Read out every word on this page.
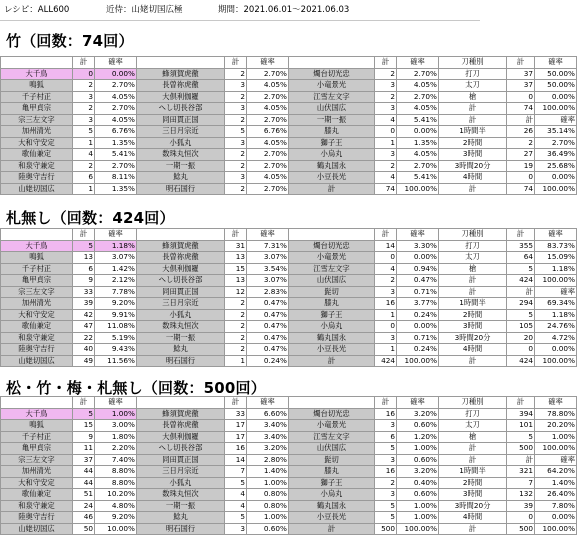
レシピ：ALL600	近侍：山姥切国広極	期間：2021.06.01～2021.06.03
竹（回数：74回）
	計	確率		計	確率		計	確率	刀種別	計	確率
大千鳥	0	0.00%	蜂須賀虎徹	2	2.70%	燭台切光忠	2	2.70%	打刀	37	50.00%
鳴狐	2	2.70%	長曽祢虎徹	3	4.05%	小竜景光	3	4.05%	太刀	37	50.00%
千子村正	3	4.05%	大倶利伽羅	2	2.70%	江雪左文字	2	2.70%	槍	0	0.00%
亀甲貞宗	2	2.70%	へし切長谷部	3	4.05%	山伏国広	3	4.05%	計	74	100.00%
宗三左文字	3	4.05%	同田貫正国	2	2.70%	一期一振	4	5.41%	計	計	確率
加州清光	5	6.76%	三日月宗近	5	6.76%	膝丸	0	0.00%	1時間半	26	35.14%
大和守安定	1	1.35%	小狐丸	3	4.05%	獅子王	1	1.35%	2時間	2	2.70%
歌仙兼定	4	5.41%	数珠丸恒次	2	2.70%	小烏丸	3	4.05%	3時間	27	36.49%
和泉守兼定	2	2.70%	一期一振	2	2.70%	鶴丸国永	2	2.70%	3時間20分	19	25.68%
陸奥守吉行	6	8.11%	鯰丸	3	4.05%	小豆長光	4	5.41%	4時間	0	0.00%
山姥切国広	1	1.35%	明石国行	2	2.70%	計	74	100.00%	計	74	100.00%
札無し（回数：424回）
	計	確率		計	確率		計	確率	刀種別	計	確率
大千鳥	5	1.18%	蜂須賀虎徹	31	7.31%	燭台切光忠	14	3.30%	打刀	355	83.73%
鳴狐	13	3.07%	長曽祢虎徹	13	3.07%	小竜景光	0	0.00%	太刀	64	15.09%
千子村正	6	1.42%	大倶利伽羅	15	3.54%	江雪左文字	4	0.94%	槍	5	1.18%
亀甲貞宗	9	2.12%	へし切長谷部	13	3.07%	山伏国広	2	0.47%	計	424	100.00%
宗三左文字	33	7.78%	同田貫正国	12	2.83%	髭切	3	0.71%	計	計	確率
加州清光	39	9.20%	三日月宗近	2	0.47%	膝丸	16	3.77%	1時間半	294	69.34%
大和守安定	42	9.91%	小狐丸	2	0.47%	獅子王	1	0.24%	2時間	5	1.18%
歌仙兼定	47	11.08%	数珠丸恒次	2	0.47%	小烏丸	0	0.00%	3時間	105	24.76%
和泉守兼定	22	5.19%	一期一振	2	0.47%	鶴丸国永	3	0.71%	3時間20分	20	4.72%
陸奥守吉行	40	9.43%	鯰丸	2	0.47%	小豆長光	1	0.24%	4時間	0	0.00%
山姥切国広	49	11.56%	明石国行	1	0.24%	計	424	100.00%	計	424	100.00%
松・竹・梅・札無し（回数：500回）
	計	確率		計	確率		計	確率	刀種別	計	確率
大千鳥	5	1.00%	蜂須賀虎徹	33	6.60%	燭台切光忠	16	3.20%	打刀	394	78.80%
鳴狐	15	3.00%	長曽祢虎徹	17	3.40%	小竜景光	3	0.60%	太刀	101	20.20%
千子村正	9	1.80%	大倶利伽羅	17	3.40%	江雪左文字	6	1.20%	槍	5	1.00%
亀甲貞宗	11	2.20%	へし切長谷部	16	3.20%	山伏国広	5	1.00%	計	500	100.00%
宗三左文字	37	7.40%	同田貫正国	14	2.80%	髭切	3	0.60%	計	計	確率
加州清光	44	8.80%	三日月宗近	7	1.40%	膝丸	16	3.20%	1時間半	321	64.20%
大和守安定	44	8.80%	小狐丸	5	1.00%	獅子王	2	0.40%	2時間	7	1.40%
歌仙兼定	51	10.20%	数珠丸恒次	4	0.80%	小烏丸	3	0.60%	3時間	132	26.40%
和泉守兼定	24	4.80%	一期一振	4	0.80%	鶴丸国永	5	1.00%	3時間20分	39	7.80%
陸奥守吉行	46	9.20%	鯰丸	5	1.00%	小豆長光	5	1.00%	4時間	0	0.00%
山姥切国広	50	10.00%	明石国行	3	0.60%	計	500	100.00%	計	500	100.00%
